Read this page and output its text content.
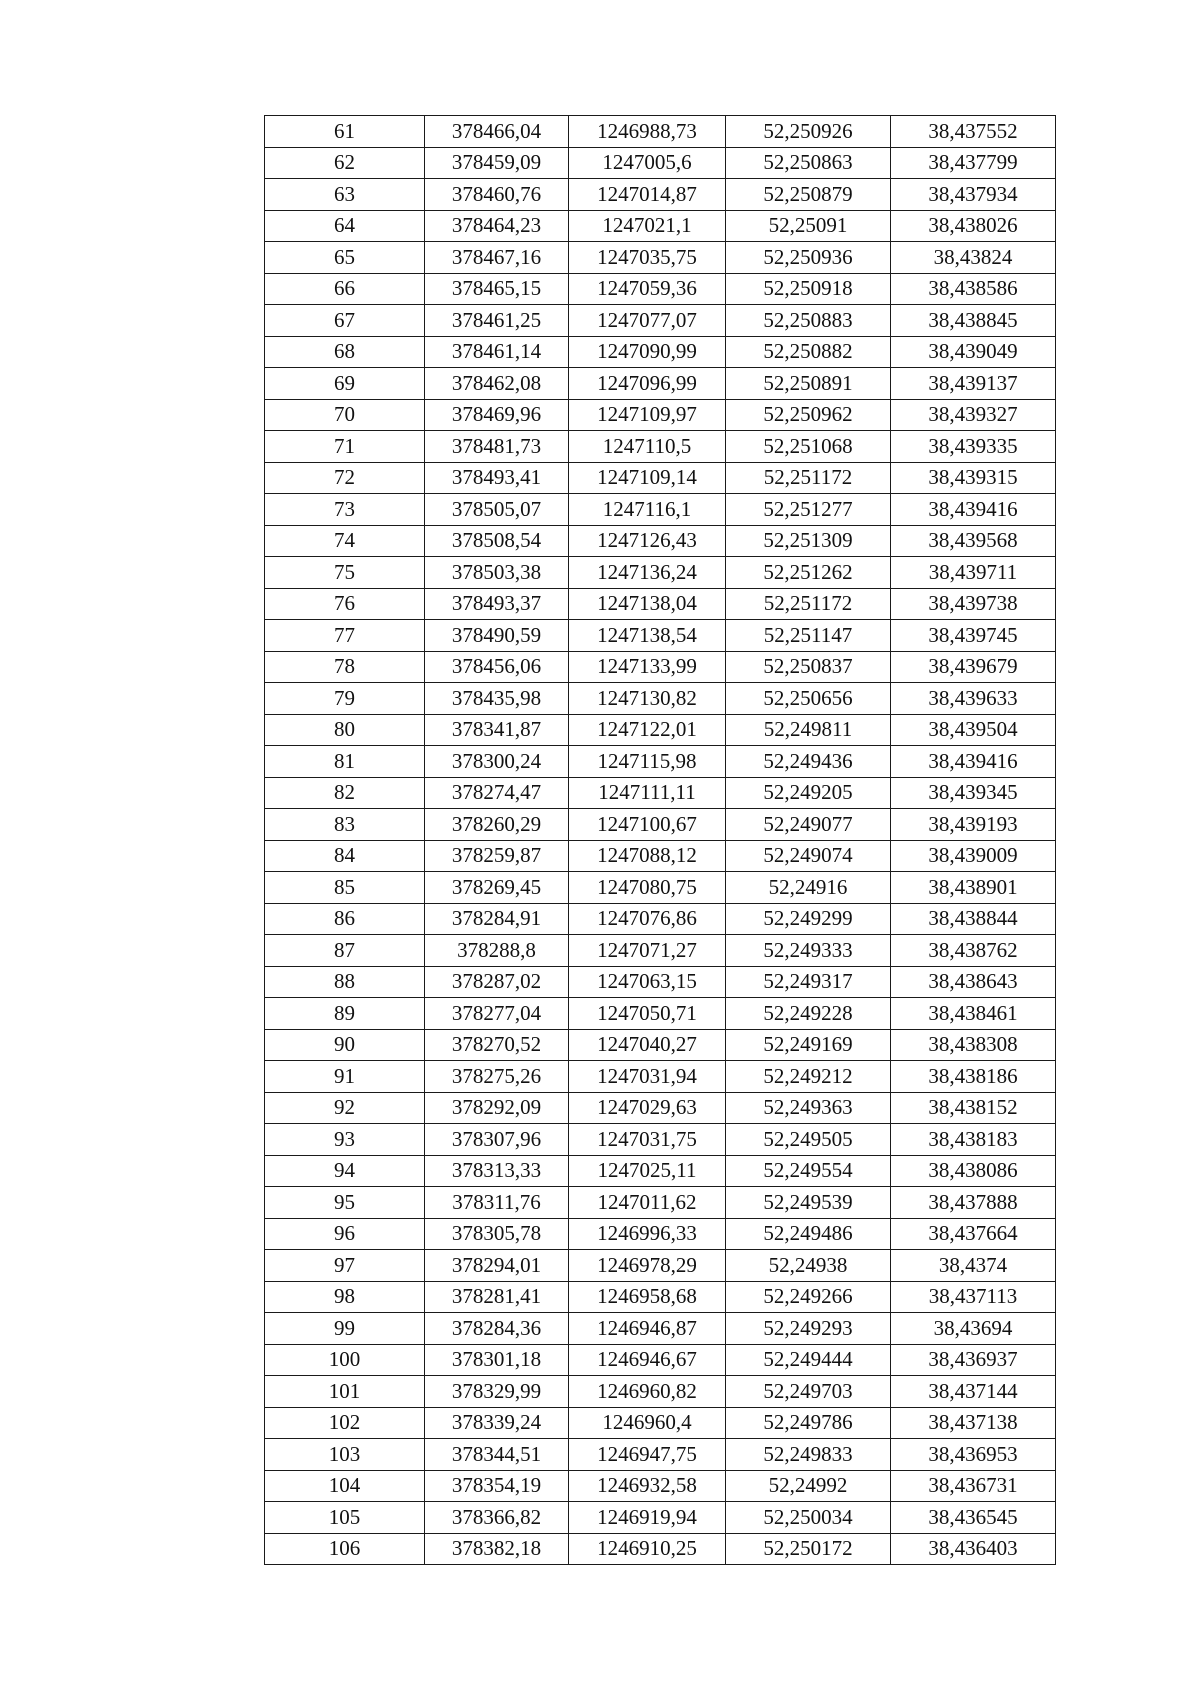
61	378466,04	1246988,73	52,250926	38,437552
62	378459,09	1247005,6	52,250863	38,437799
63	378460,76	1247014,87	52,250879	38,437934
64	378464,23	1247021,1	52,25091	38,438026
65	378467,16	1247035,75	52,250936	38,43824
66	378465,15	1247059,36	52,250918	38,438586
67	378461,25	1247077,07	52,250883	38,438845
68	378461,14	1247090,99	52,250882	38,439049
69	378462,08	1247096,99	52,250891	38,439137
70	378469,96	1247109,97	52,250962	38,439327
71	378481,73	1247110,5	52,251068	38,439335
72	378493,41	1247109,14	52,251172	38,439315
73	378505,07	1247116,1	52,251277	38,439416
74	378508,54	1247126,43	52,251309	38,439568
75	378503,38	1247136,24	52,251262	38,439711
76	378493,37	1247138,04	52,251172	38,439738
77	378490,59	1247138,54	52,251147	38,439745
78	378456,06	1247133,99	52,250837	38,439679
79	378435,98	1247130,82	52,250656	38,439633
80	378341,87	1247122,01	52,249811	38,439504
81	378300,24	1247115,98	52,249436	38,439416
82	378274,47	1247111,11	52,249205	38,439345
83	378260,29	1247100,67	52,249077	38,439193
84	378259,87	1247088,12	52,249074	38,439009
85	378269,45	1247080,75	52,24916	38,438901
86	378284,91	1247076,86	52,249299	38,438844
87	378288,8	1247071,27	52,249333	38,438762
88	378287,02	1247063,15	52,249317	38,438643
89	378277,04	1247050,71	52,249228	38,438461
90	378270,52	1247040,27	52,249169	38,438308
91	378275,26	1247031,94	52,249212	38,438186
92	378292,09	1247029,63	52,249363	38,438152
93	378307,96	1247031,75	52,249505	38,438183
94	378313,33	1247025,11	52,249554	38,438086
95	378311,76	1247011,62	52,249539	38,437888
96	378305,78	1246996,33	52,249486	38,437664
97	378294,01	1246978,29	52,24938	38,4374
98	378281,41	1246958,68	52,249266	38,437113
99	378284,36	1246946,87	52,249293	38,43694
100	378301,18	1246946,67	52,249444	38,436937
101	378329,99	1246960,82	52,249703	38,437144
102	378339,24	1246960,4	52,249786	38,437138
103	378344,51	1246947,75	52,249833	38,436953
104	378354,19	1246932,58	52,24992	38,436731
105	378366,82	1246919,94	52,250034	38,436545
106	378382,18	1246910,25	52,250172	38,436403
